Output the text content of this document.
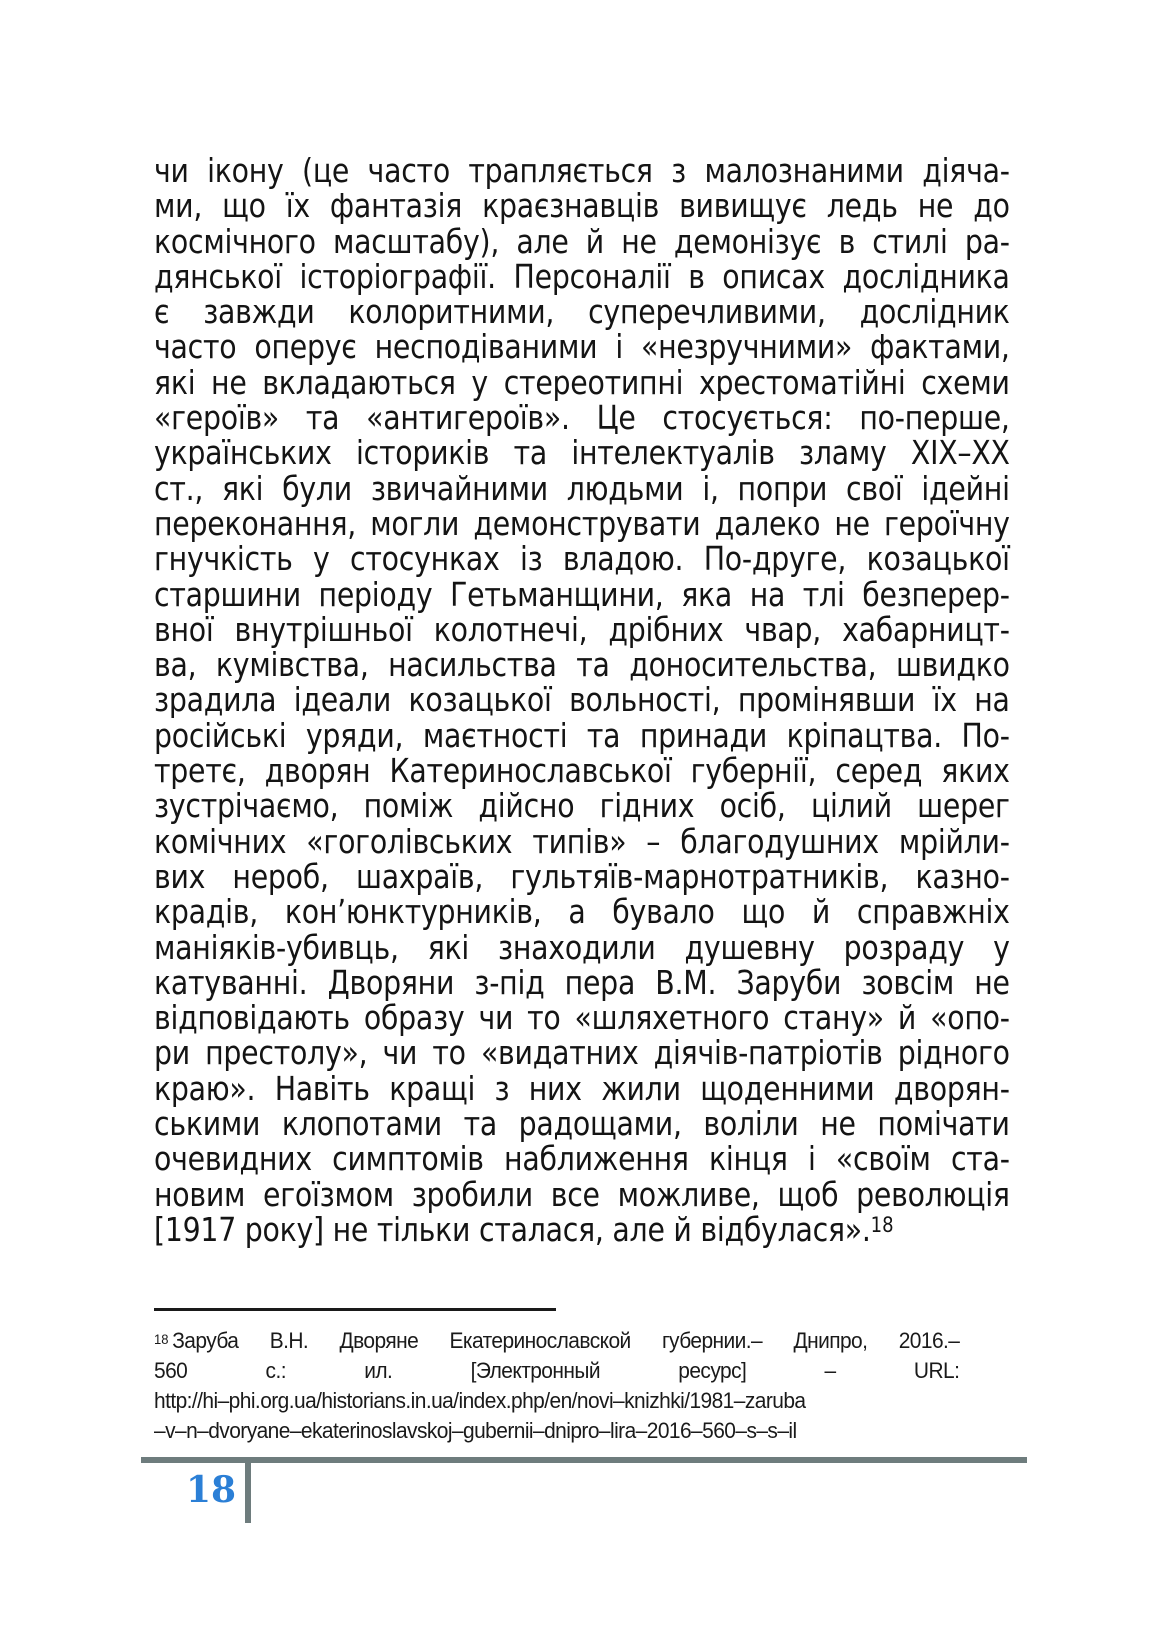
чи ікону (це часто трапляється з малознаними діяча-
ми, що їх фантазія краєзнавців вивищує ледь не до
космічного масштабу), але й не демонізує в стилі ра-
дянської історіографії. Персоналії в описах дослідника
є завжди колоритними, суперечливими, дослідник
часто оперує несподіваними і «незручними» фактами,
які не вкладаються у стереотипні хрестоматійні схеми
«героїв» та «антигероїв». Це стосується: по-перше,
українських істориків та інтелектуалів зламу XIX–XX
ст., які були звичайними людьми і, попри свої ідейні
переконання, могли демонструвати далеко не героїчну
гнучкість у стосунках із владою. По-друге, козацької
старшини періоду Гетьманщини, яка на тлі безперер-
вної внутрішньої колотнечі, дрібних чвар, хабарницт-
ва, кумівства, насильства та доносительства, швидко
зрадила ідеали козацької вольності, промінявши їх на
російські уряди, маєтності та принади кріпацтва. По-
третє, дворян Катеринославської губернії, серед яких
зустрічаємо, поміж дійсно гідних осіб, цілий шерег
комічних «гоголівських типів» – благодушних мрійли-
вих нероб, шахраїв, гультяїв-марнотратників, казно-
крадів, кон’юнктурників, а бувало що й справжніх
маніяків-убивць, які знаходили душевну розраду у
катуванні. Дворяни з-під пера В.М. Заруби зовсім не
відповідають образу чи то «шляхетного стану» й «опо-
ри престолу», чи то «видатних діячів-патріотів рідного
краю». Навіть кращі з них жили щоденними дворян-
ськими клопотами та радощами, воліли не помічати
очевидних симптомів наближення кінця і «своїм ста-
новим егоїзмом зробили все можливе, щоб революція
[1917 року] не тільки сталася, але й відбулася».$^{18}$
$^{18}$ Заруба В.Н. Дворяне Екатеринославской губернии.– Днипро, 2016.–
560 с.: ил. [Электронный ресурс] – URL:
http://hi–phi.org.ua/historians.in.ua/index.php/en/novi–knizhki/1981–zaruba
–v–n–dvoryane–ekaterinoslavskoj–gubernii–dnipro–lira–2016–560–s–s–il
18
